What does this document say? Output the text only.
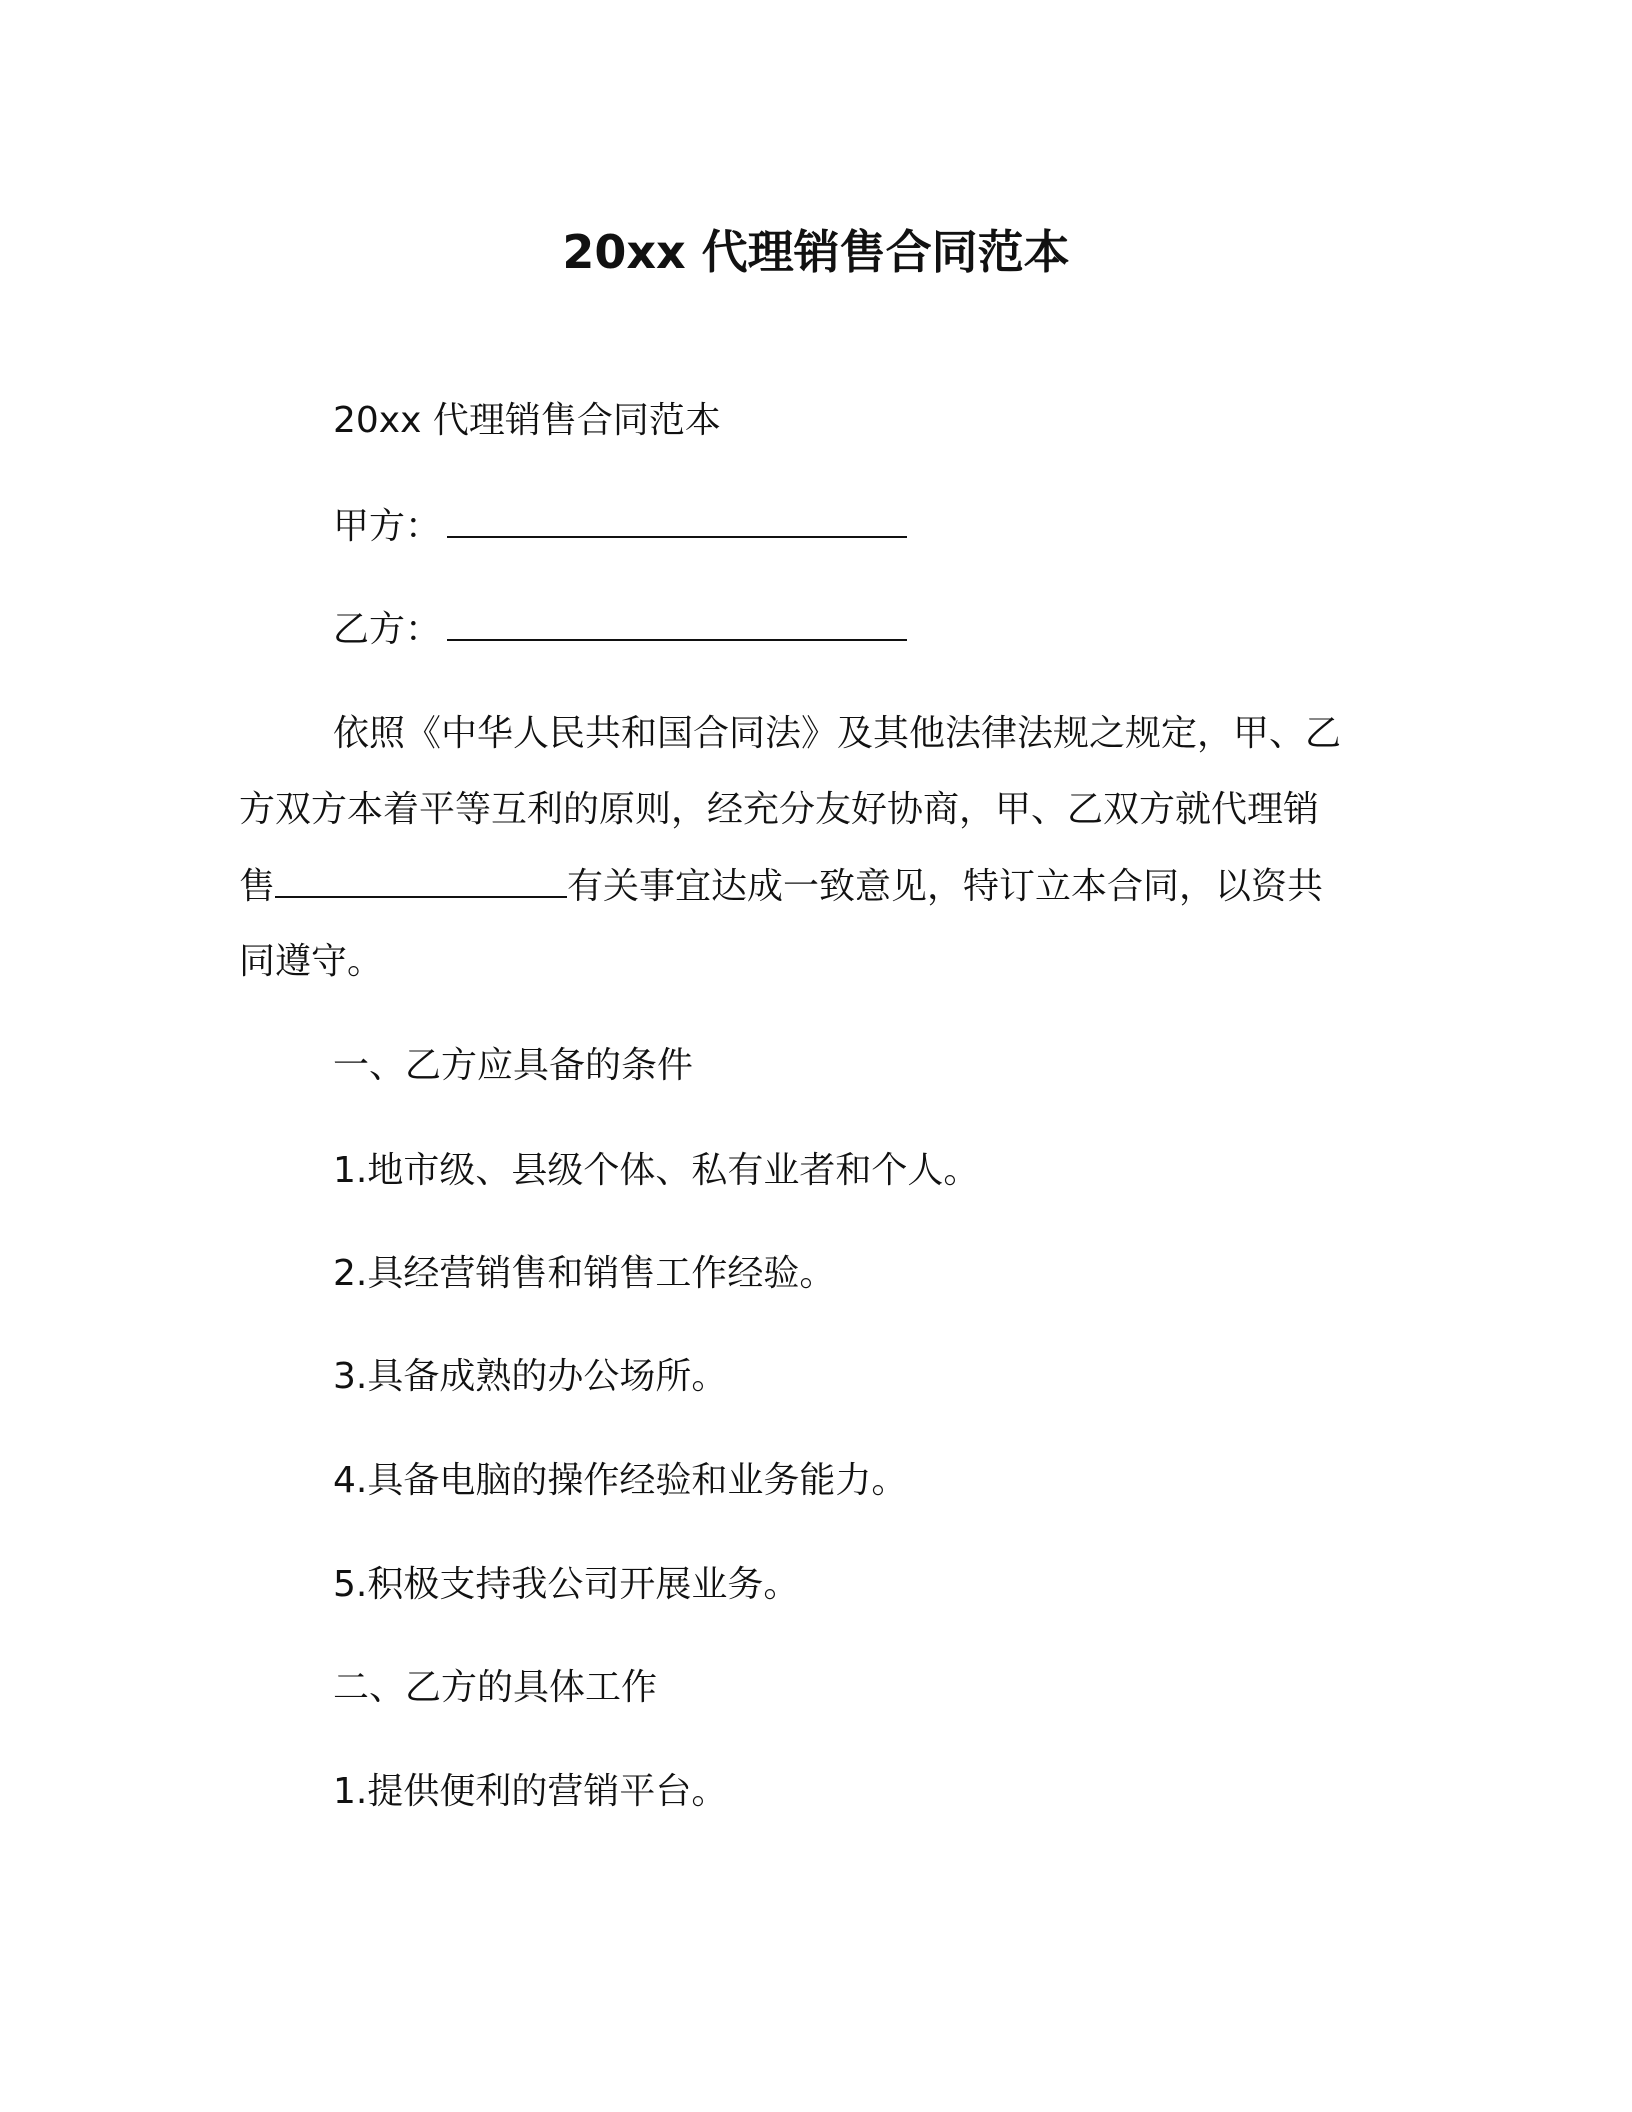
20xx 代理销售合同范本
20xx 代理销售合同范本
甲方：
乙方：
依照《中华人民共和国合同法》及其他法律法规之规定，甲、乙
方双方本着平等互利的原则，经充分友好协商，甲、乙双方就代理销
售	有关事宜达成一致意见，特订立本合同，以资共
同遵守。
一、乙方应具备的条件
1.地市级、县级个体、私有业者和个人。
2.具经营销售和销售工作经验。
3.具备成熟的办公场所。
4.具备电脑的操作经验和业务能力。
5.积极支持我公司开展业务。
二、乙方的具体工作
1.提供便利的营销平台。
